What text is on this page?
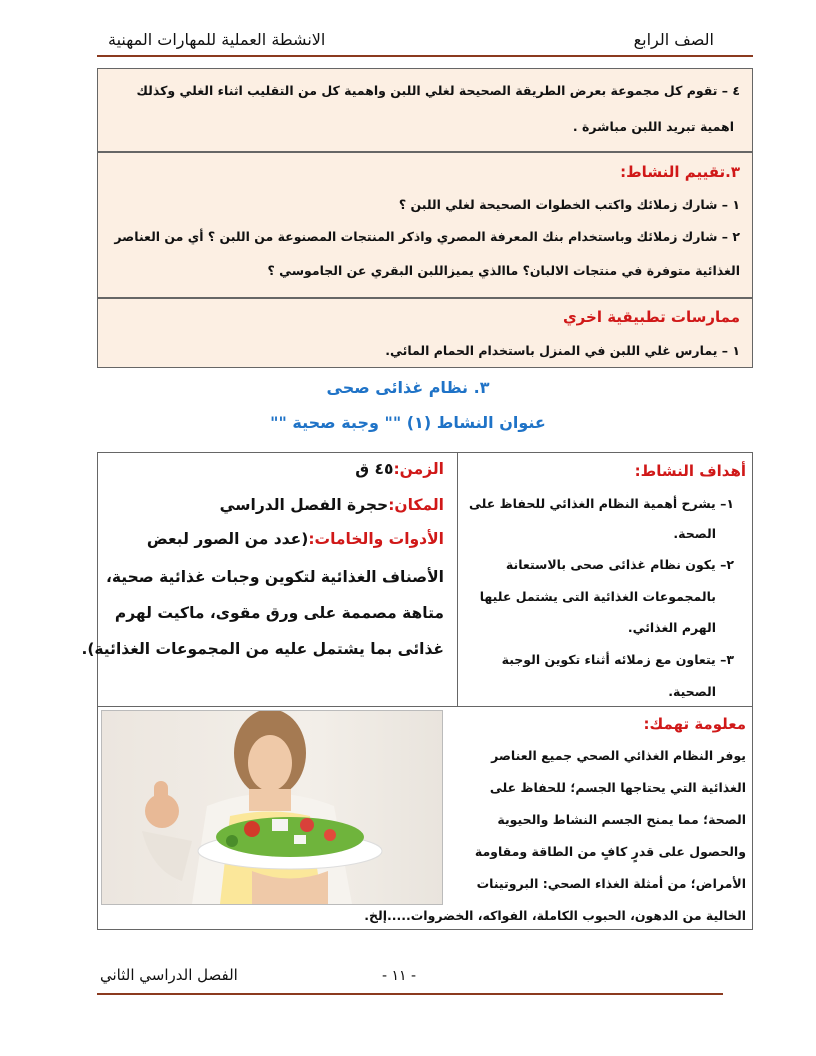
الصف الرابع
الانشطة العملية للمهارات المهنية
٤ – تقوم كل مجموعة بعرض الطريقة الصحيحة لغلي اللبن واهمية كل من التقليب اثناء الغلي وكذلك
اهمية تبريد اللبن مباشرة .
٣.تقييم النشاط:
١ – شارك زملائك واكتب الخطوات الصحيحة لغلي اللبن ؟
٢ – شارك زملائك وباستخدام بنك المعرفة المصري واذكر المنتجات المصنوعة من اللبن ؟ أي من العناصر
الغذائية متوفرة في منتجات الالبان؟ ماالذي يميزاللبن البقري عن الجاموسي ؟
ممارسات تطبيقية اخري
١ – يمارس غلي اللبن في المنزل باستخدام الحمام المائي.
٣. نظام غذائى صحى
عنوان النشاط (١) "" وجبة صحية ""
أهداف النشاط:
١– يشرح أهمية النظام الغذائي للحفاظ على
الصحة.
٢– يكون نظام غذائى صحى بالاستعانة
بالمجموعات الغذائية التى يشتمل عليها
الهرم الغذائي.
٣– يتعاون مع زملائه أثناء تكوين الوجبة
الصحية.
الزمن:٤٥ ق
المكان:حجرة الفصل الدراسي
الأدوات والخامات:(عدد من الصور لبعض
الأصناف الغذائية لتكوين وجبات غذائية صحية،
متاهة مصممة على ورق مقوى، ماكيت لهرم
غذائى بما يشتمل عليه من المجموعات الغذائية).
معلومة تهمك:
يوفر النظام الغذائي الصحي جميع العناصر
الغذائية التي يحتاجها الجسم؛ للحفاظ على
الصحة؛ مما يمنح الجسم النشاط والحيوية
والحصول على قدرٍ كافٍ من الطاقة ومقاومة
الأمراض؛ من أمثلة الغذاء الصحي: البروتينات
الخالية من الدهون، الحبوب الكاملة، الفواكه، الخضروات.....إلخ.
- ١١ -
الفصل الدراسي الثاني
